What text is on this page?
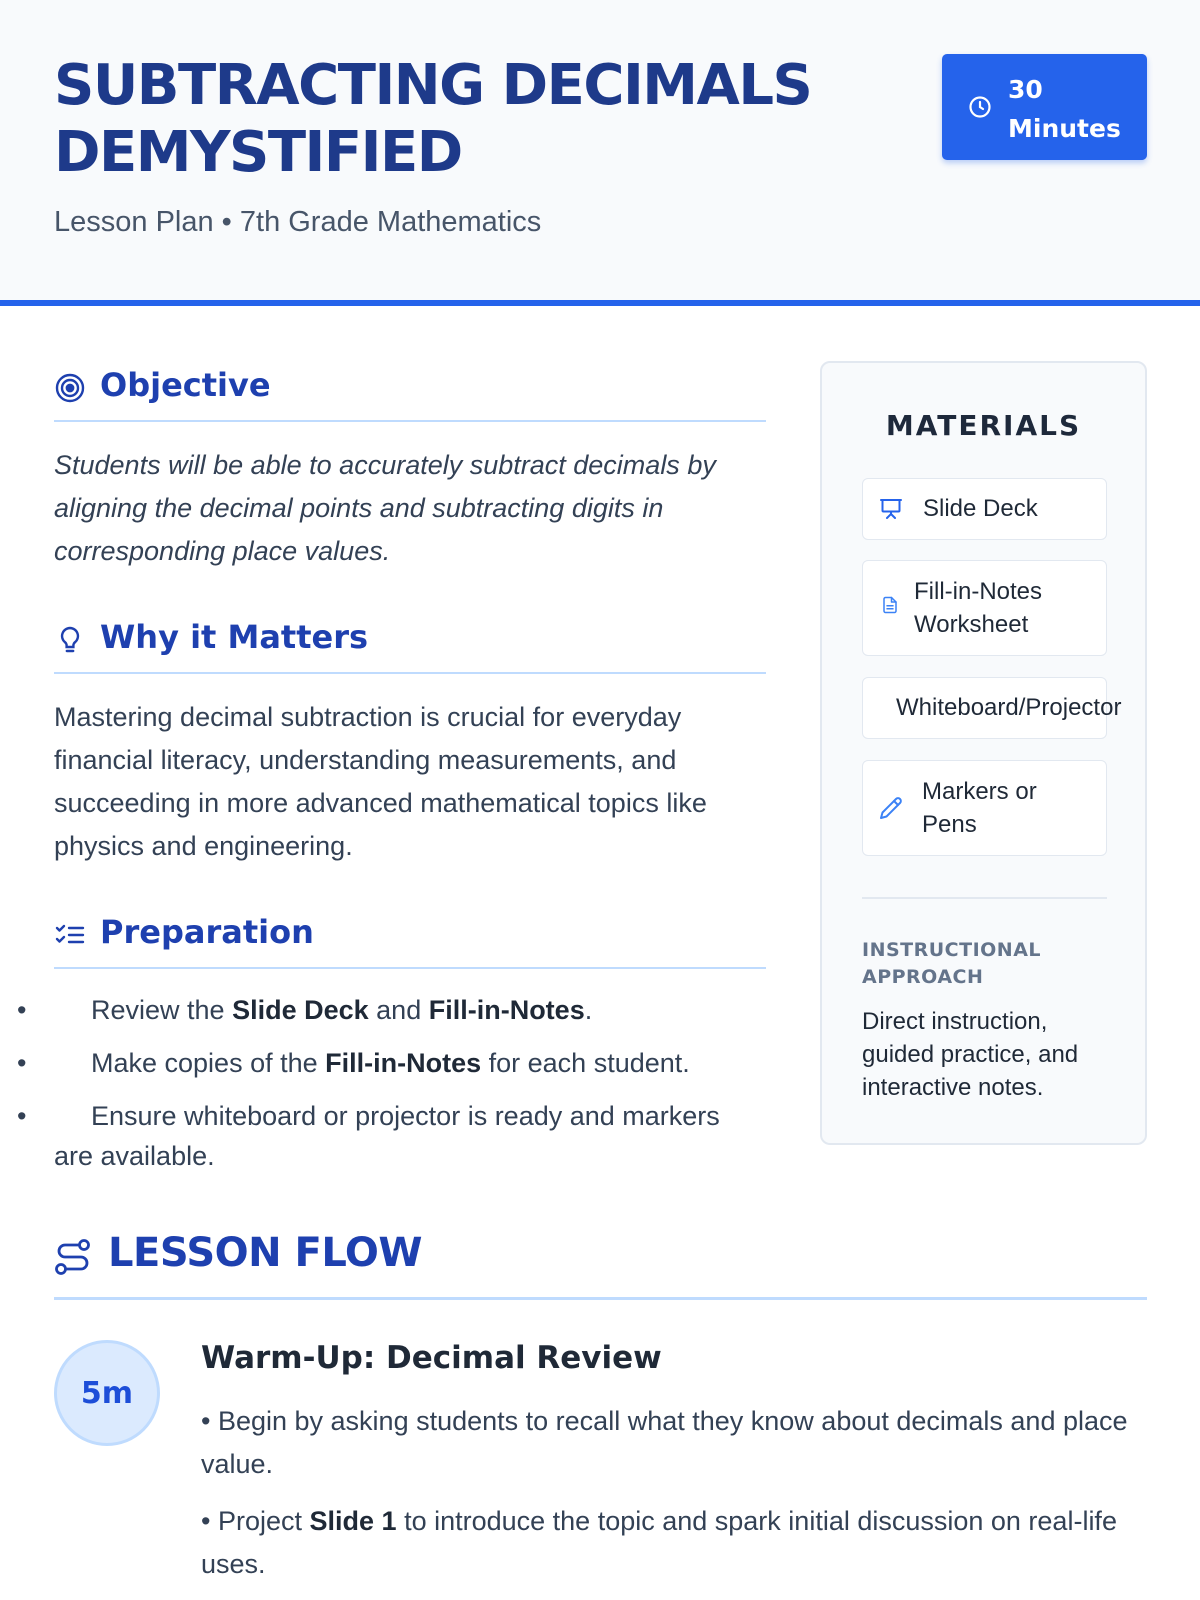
SUBTRACTING DECIMALS DEMYSTIFIED
Lesson Plan • 7th Grade Mathematics
30 Minutes
Objective

Students will be able to accurately subtract decimals by aligning the decimal points and subtracting digits in corresponding place values.

Why it Matters

Mastering decimal subtraction is crucial for everyday financial literacy, understanding measurements, and succeeding in more advanced mathematical topics like physics and engineering.

Preparation
• Review the Slide Deck and Fill-in-Notes.
• Make copies of the Fill-in-Notes for each student.
• Ensure whiteboard or projector is ready and markers are available.
MATERIALS
Slide Deck
Fill-in-Notes Worksheet
Whiteboard/Projector
Markers or Pens
INSTRUCTIONAL APPROACH
Direct instruction, guided practice, and interactive notes.
LESSON FLOW
5m
Warm-Up: Decimal Review
• Begin by asking students to recall what they know about decimals and place value.
• Project Slide 1 to introduce the topic and spark initial discussion on real-life uses.
